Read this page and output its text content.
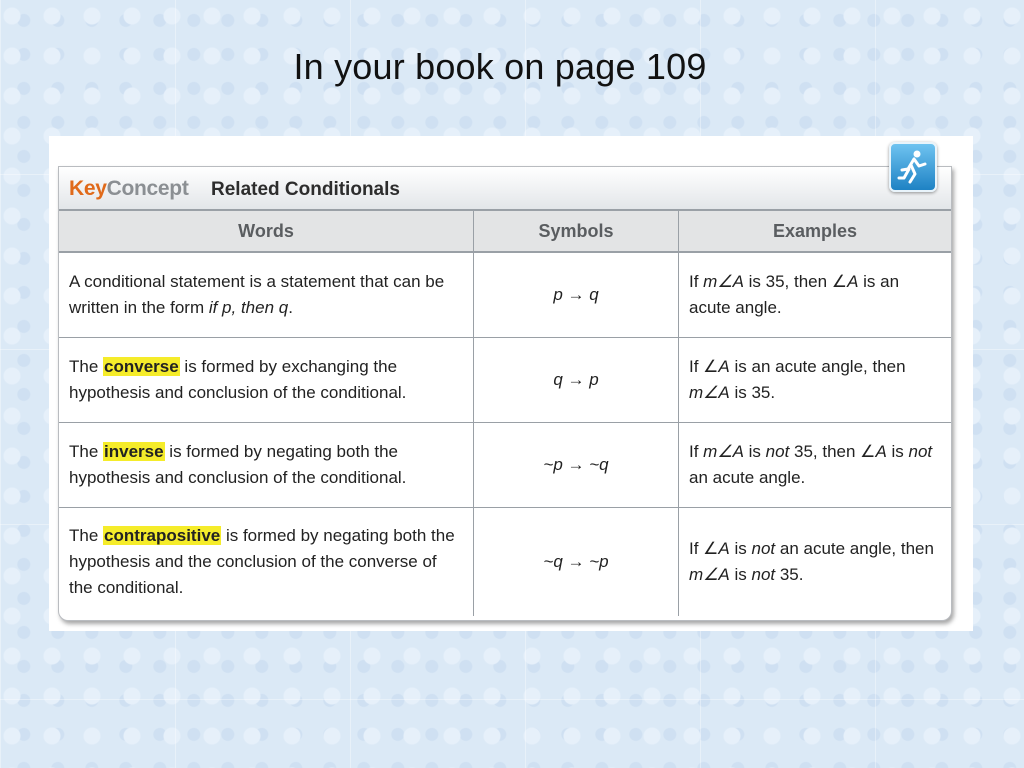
In your book on page 109
KeyConcept Related Conditionals
Words	Symbols	Examples
A conditional statement is a statement that can be written in the form if p, then q.	p → q	If m∠A is 35, then ∠A is an acute angle.
The converse is formed by exchanging the hypothesis and conclusion of the conditional.	q → p	If ∠A is an acute angle, then m∠A is 35.
The inverse is formed by negating both the hypothesis and conclusion of the conditional.	~p → ~q	If m∠A is not 35, then ∠A is not an acute angle.
The contrapositive is formed by negating both the hypothesis and the conclusion of the converse of the conditional.	~q → ~p	If ∠A is not an acute angle, then m∠A is not 35.
